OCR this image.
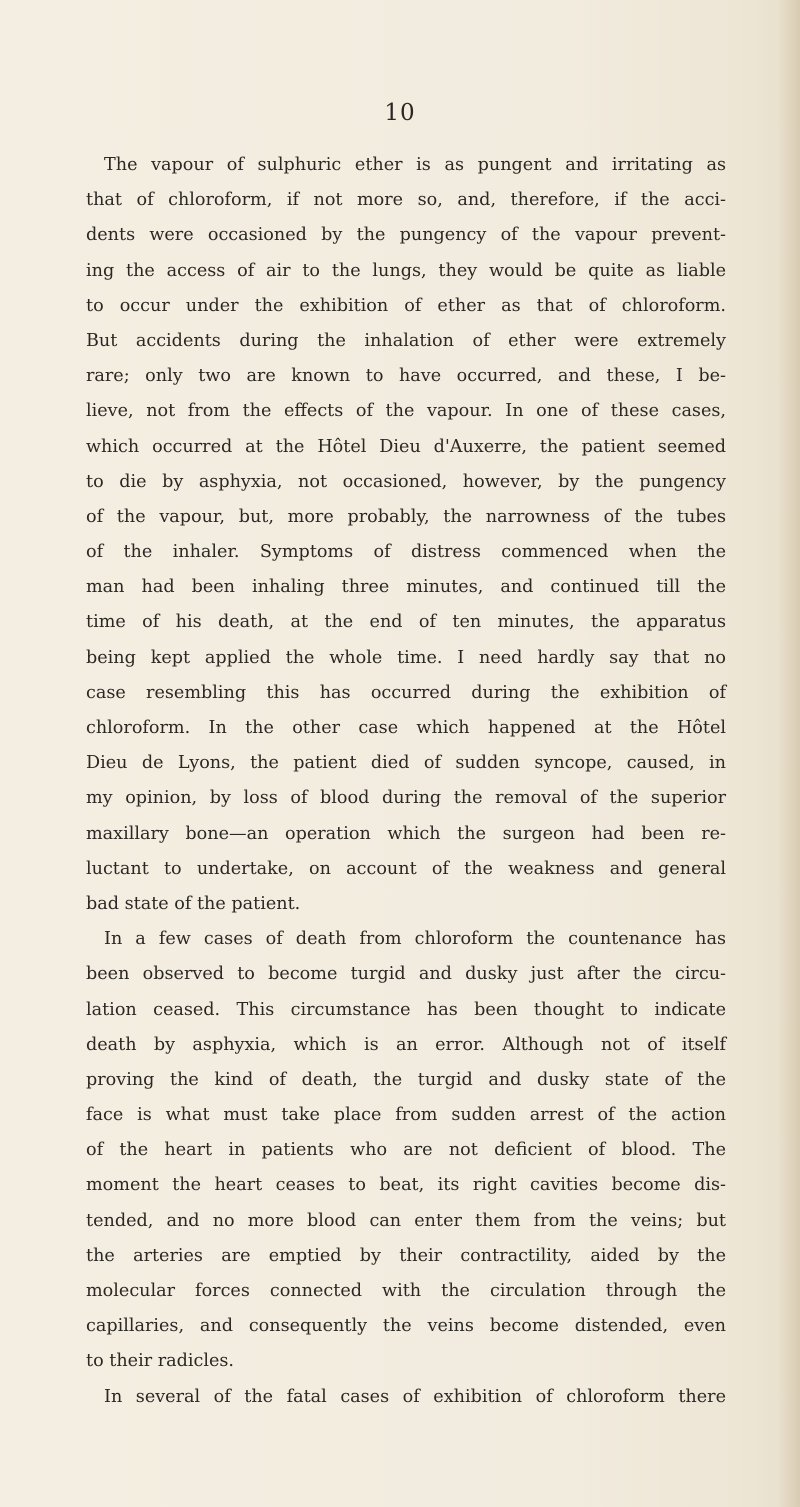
10
The vapour of sulphuric ether is as pungent and irritating as
that of chloroform, if not more so, and, therefore, if the acci-
dents were occasioned by the pungency of the vapour prevent-
ing the access of air to the lungs, they would be quite as liable
to occur under the exhibition of ether as that of chloroform.
But accidents during the inhalation of ether were extremely
rare; only two are known to have occurred, and these, I be-
lieve, not from the effects of the vapour. In one of these cases,
which occurred at the Hôtel Dieu d'Auxerre, the patient seemed
to die by asphyxia, not occasioned, however, by the pungency
of the vapour, but, more probably, the narrowness of the tubes
of the inhaler. Symptoms of distress commenced when the
man had been inhaling three minutes, and continued till the
time of his death, at the end of ten minutes, the apparatus
being kept applied the whole time. I need hardly say that no
case resembling this has occurred during the exhibition of
chloroform. In the other case which happened at the Hôtel
Dieu de Lyons, the patient died of sudden syncope, caused, in
my opinion, by loss of blood during the removal of the superior
maxillary bone—an operation which the surgeon had been re-
luctant to undertake, on account of the weakness and general
bad state of the patient.
In a few cases of death from chloroform the countenance has
been observed to become turgid and dusky just after the circu-
lation ceased. This circumstance has been thought to indicate
death by asphyxia, which is an error. Although not of itself
proving the kind of death, the turgid and dusky state of the
face is what must take place from sudden arrest of the action
of the heart in patients who are not deficient of blood. The
moment the heart ceases to beat, its right cavities become dis-
tended, and no more blood can enter them from the veins; but
the arteries are emptied by their contractility, aided by the
molecular forces connected with the circulation through the
capillaries, and consequently the veins become distended, even
to their radicles.
In several of the fatal cases of exhibition of chloroform there
